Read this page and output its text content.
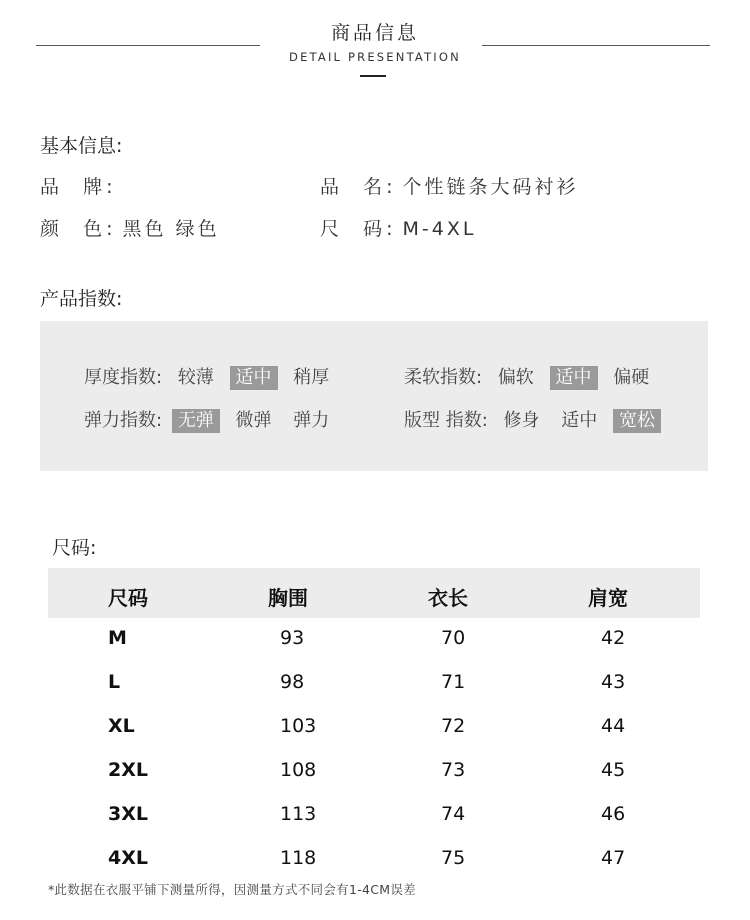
商品信息
DETAIL PRESENTATION
基本信息:
品  牌:	品  名: 个性链条大码衬衫
颜  色: 黑色 绿色	尺  码: M-4XL
产品指数:
厚度指数: 较薄 适中 稍厚	柔软指数: 偏软 适中 偏硬
弹力指数: 无弹 微弹 弹力	版型 指数: 修身 适中 宽松
尺码:
尺码	胸围	衣长	肩宽
M	93	70	42
L	98	71	43
XL	103	72	44
2XL	108	73	45
3XL	113	74	46
4XL	118	75	47
*此数据在衣服平铺下测量所得，因测量方式不同会有1-4CM误差
